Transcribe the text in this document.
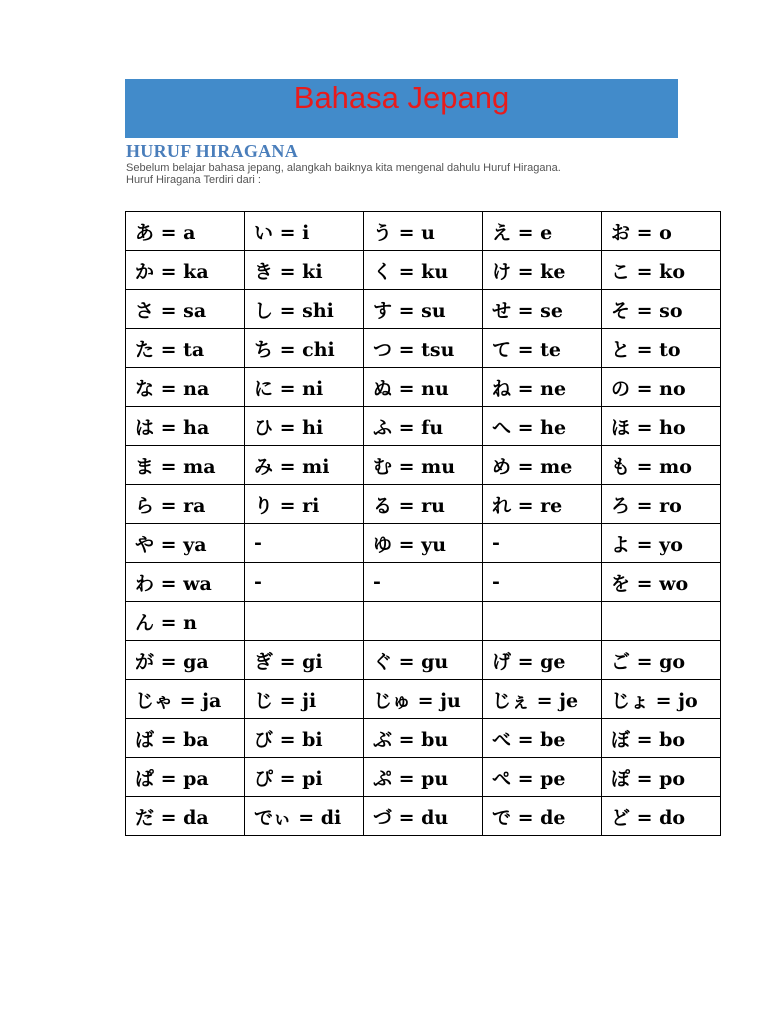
Bahasa Jepang
HURUF HIRAGANA
Sebelum belajar bahasa jepang, alangkah baiknya kita mengenal dahulu Huruf Hiragana.
Huruf Hiragana Terdiri dari :
あ = a	い = i	う = u	え = e	お = o
か = ka	き = ki	く = ku	け = ke	こ = ko
さ = sa	し = shi	す = su	せ = se	そ = so
た = ta	ち = chi	つ = tsu	て = te	と = to
な = na	に = ni	ぬ = nu	ね = ne	の = no
は = ha	ひ = hi	ふ = fu	へ = he	ほ = ho
ま = ma	み = mi	む = mu	め = me	も = mo
ら = ra	り = ri	る = ru	れ = re	ろ = ro
や = ya	-	ゆ = yu	-	よ = yo
わ = wa	-	-	-	を = wo
ん = n				
が = ga	ぎ = gi	ぐ = gu	げ = ge	ご = go
じゃ = ja	じ = ji	じゅ = ju	じぇ = je	じょ = jo
ば = ba	び = bi	ぶ = bu	べ = be	ぼ = bo
ぱ = pa	ぴ = pi	ぷ = pu	ぺ = pe	ぽ = po
だ = da	でぃ = di	づ = du	で = de	ど = do
